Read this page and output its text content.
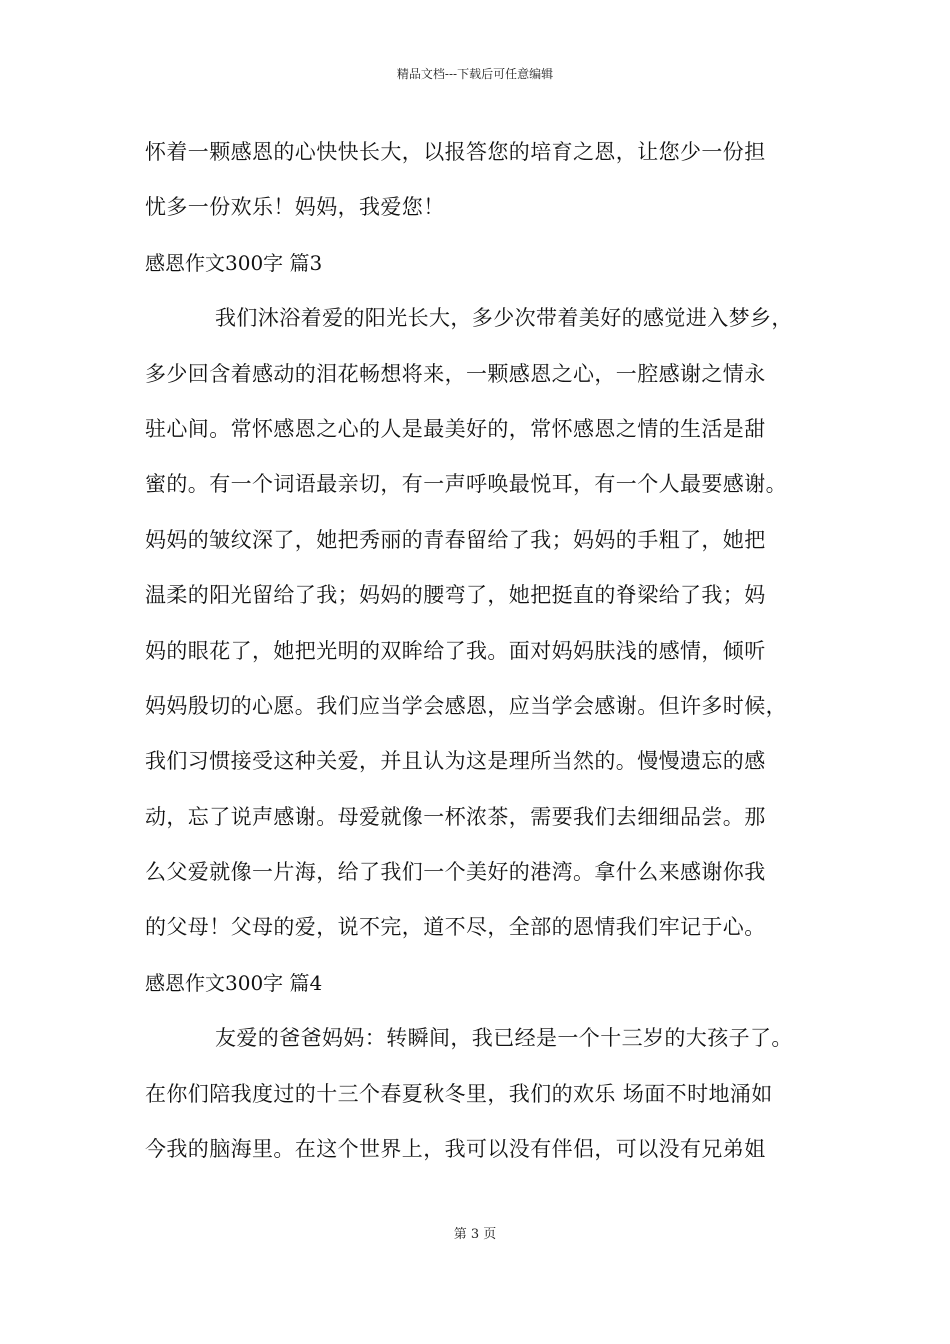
精品文档---下载后可任意编辑
怀着一颗感恩的心快快长大，以报答您的培育之恩，让您少一份担
忧多一份欢乐！妈妈，我爱您！
感恩作文300字 篇3
我们沐浴着爱的阳光长大，多少次带着美好的感觉进入梦乡，
多少回含着感动的泪花畅想将来，一颗感恩之心，一腔感谢之情永
驻心间。常怀感恩之心的人是最美好的，常怀感恩之情的生活是甜
蜜的。有一个词语最亲切，有一声呼唤最悦耳，有一个人最要感谢。
妈妈的皱纹深了，她把秀丽的青春留给了我；妈妈的手粗了，她把
温柔的阳光留给了我；妈妈的腰弯了，她把挺直的脊梁给了我；妈
妈的眼花了，她把光明的双眸给了我。面对妈妈肤浅的感情，倾听
妈妈殷切的心愿。我们应当学会感恩，应当学会感谢。但许多时候，
我们习惯接受这种关爱，并且认为这是理所当然的。慢慢遗忘的感
动，忘了说声感谢。母爱就像一杯浓茶，需要我们去细细品尝。那
么父爱就像一片海，给了我们一个美好的港湾。拿什么来感谢你我
的父母！父母的爱，说不完，道不尽，全部的恩情我们牢记于心。
感恩作文300字 篇4
友爱的爸爸妈妈：转瞬间，我已经是一个十三岁的大孩子了。
在你们陪我度过的十三个春夏秋冬里，我们的欢乐 场面不时地涌如
今我的脑海里。在这个世界上，我可以没有伴侣，可以没有兄弟姐
第 3 页
